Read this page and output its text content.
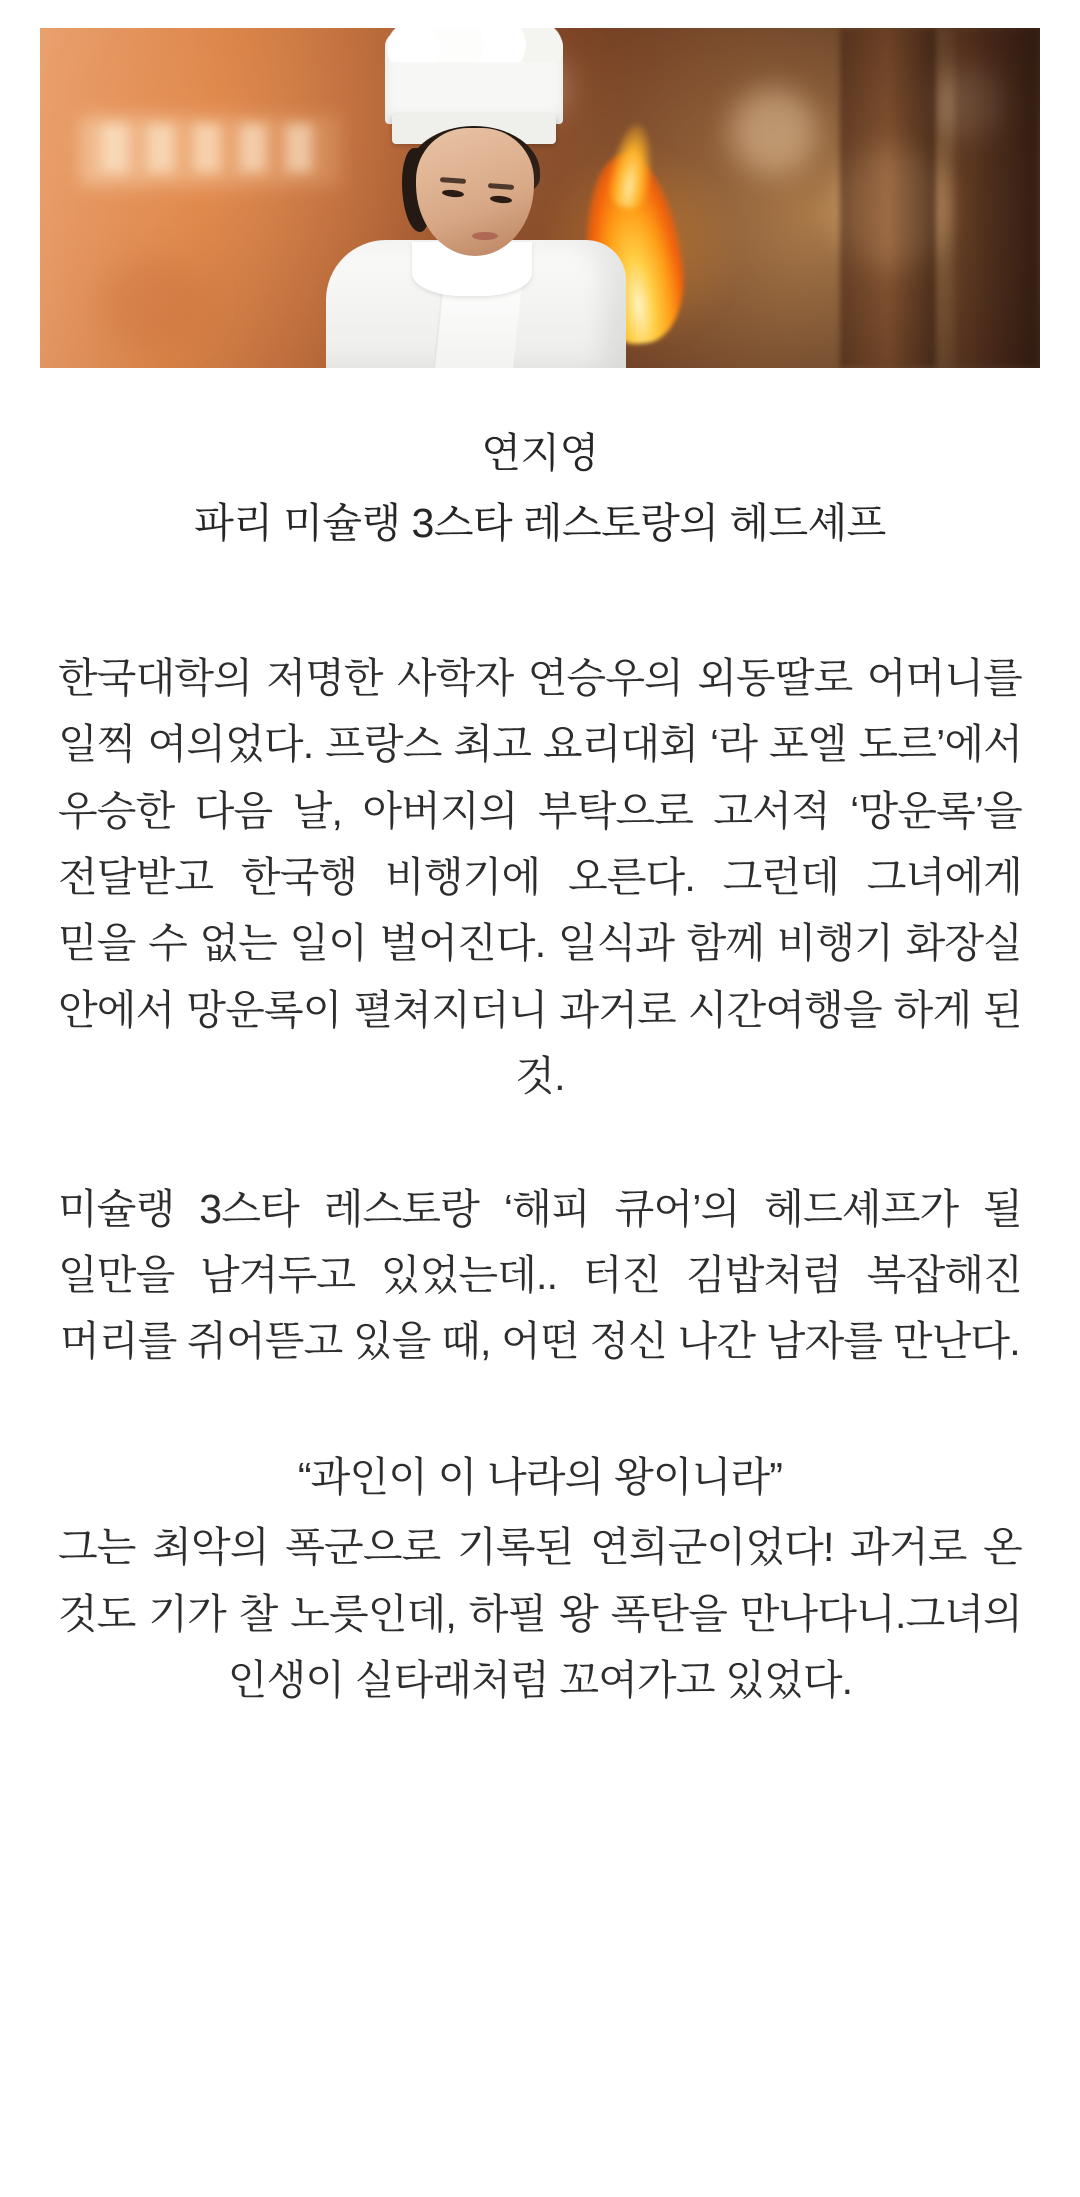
연지영
파리 미슐랭 3스타 레스토랑의 헤드셰프

한국대학의 저명한 사학자 연승우의 외동딸로 어머니를 일찍 여의었다. 프랑스 최고 요리대회 ‘라 포엘 도르’에서 우승한 다음 날, 아버지의 부탁으로 고서적 ‘망운록’을 전달받고 한국행 비행기에 오른다. 그런데 그녀에게 믿을 수 없는 일이 벌어진다. 일식과 함께 비행기 화장실 안에서 망운록이 펼쳐지더니 과거로 시간여행을 하게 된 것.

미슐랭 3스타 레스토랑 ‘해피 큐어’의 헤드셰프가 될 일만을 남겨두고 있었는데.. 터진 김밥처럼 복잡해진 머리를 쥐어뜯고 있을 때, 어떤 정신 나간 남자를 만난다.

“과인이 이 나라의 왕이니라”

그는 최악의 폭군으로 기록된 연희군이었다! 과거로 온 것도 기가 찰 노릇인데, 하필 왕 폭탄을 만나다니.그녀의 인생이 실타래처럼 꼬여가고 있었다.
